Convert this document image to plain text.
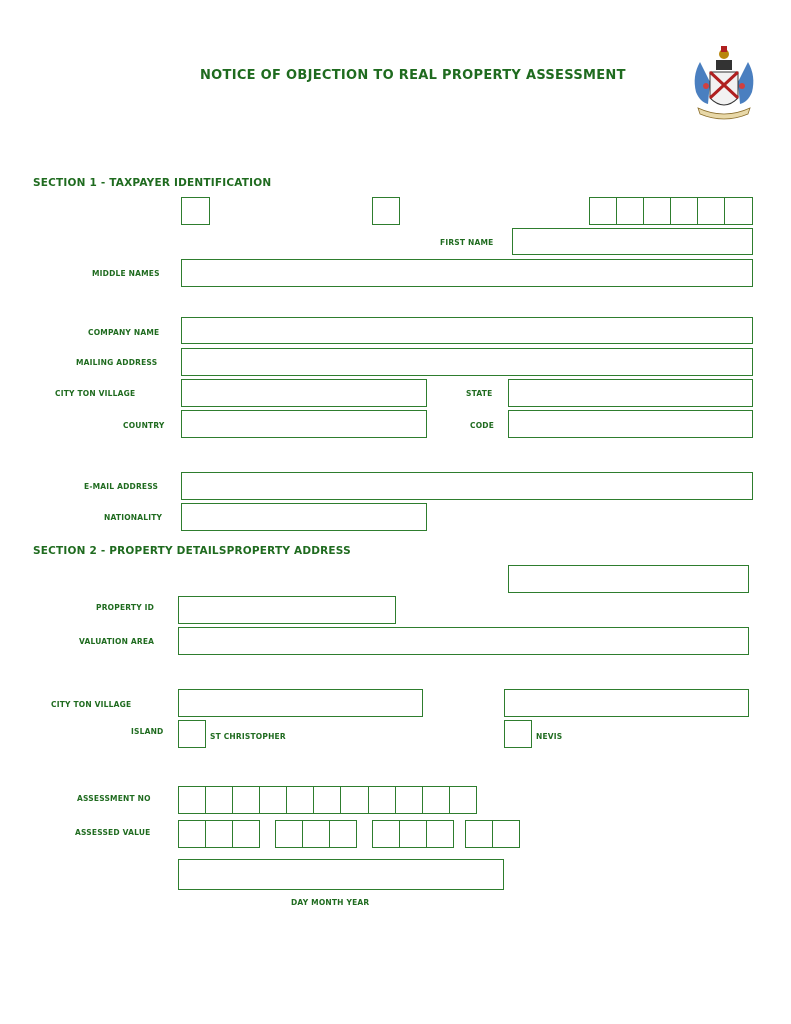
NOTICE OF OBJECTION TO REAL PROPERTY ASSESSMENT
SECTION 1 - TAXPAYER IDENTIFICATION
FIRST NAME
MIDDLE NAMES
COMPANY NAME
MAILING ADDRESS
CITY TON VILLAGE	STATE
COUNTRY	CODE
E-MAIL ADDRESS
NATIONALITY
SECTION 2 - PROPERTY DETAILSPROPERTY ADDRESS
PROPERTY ID
VALUATION AREA
CITY TON VILLAGE
ISLAND
ST CHRISTOPHER	NEVIS
ASSESSMENT NO
ASSESSED VALUE
DAY MONTH YEAR
